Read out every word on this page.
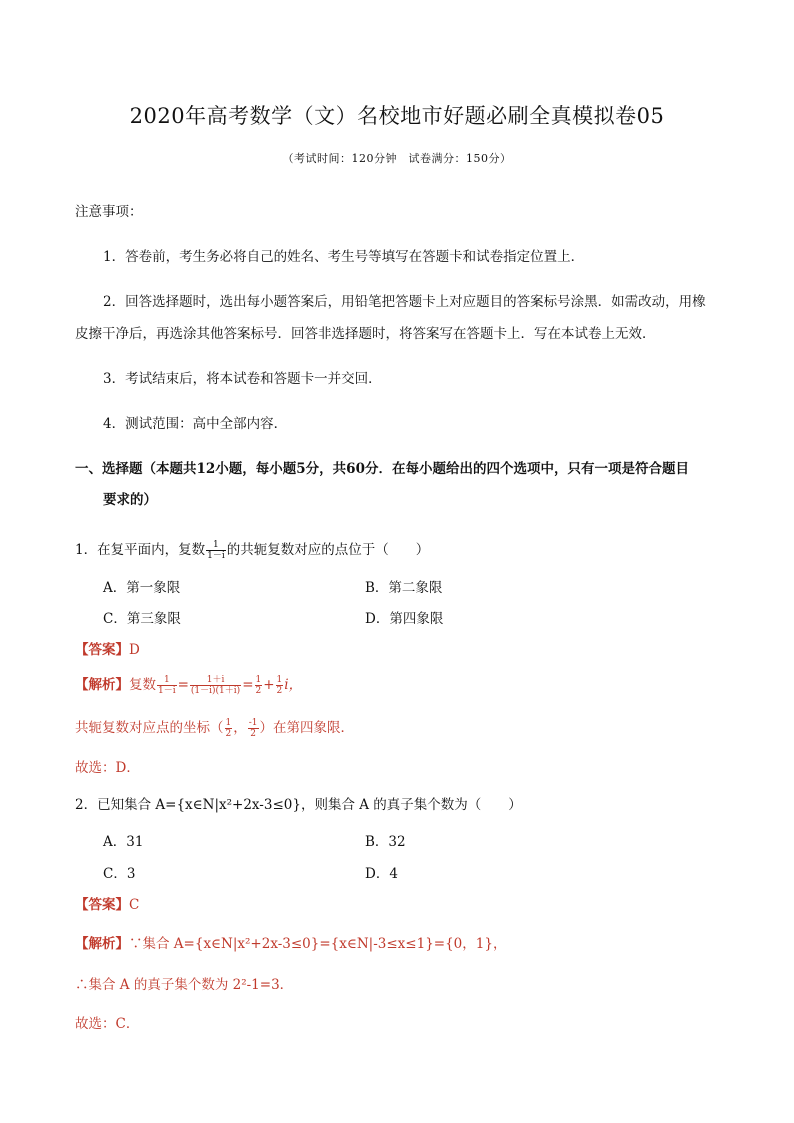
2020年高考数学（文）名校地市好题必刷全真模拟卷05
（考试时间：120分钟　试卷满分：150分）
注意事项：
1．答卷前，考生务必将自己的姓名、考生号等填写在答题卡和试卷指定位置上．
2．回答选择题时，选出每小题答案后，用铅笔把答题卡上对应题目的答案标号涂黑．如需改动，用橡
皮擦干净后，再选涂其他答案标号．回答非选择题时，将答案写在答题卡上．写在本试卷上无效．
3．考试结束后，将本试卷和答题卡一并交回．
4．测试范围：高中全部内容．
一、选择题（本题共12小题，每小题5分，共60分．在每小题给出的四个选项中，只有一项是符合题目
要求的）
1．在复平面内，复数 $\frac{1}{1-i}$ 的共轭复数对应的点位于（　　）
A．第一象限	B．第二象限
C．第三象限	D．第四象限
【答案】D
【解析】复数 $\frac{1}{1-i} = \frac{1+i}{(1-i)(1+i)} = \frac{1}{2} + \frac{1}{2}$ i，
共轭复数对应点的坐标（ $\frac{1}{2}$ ， $\frac{-1}{2}$ ）在第四象限．
故选：D．
2．已知集合 A={x∈N|x²+2x-3≤0}，则集合 A 的真子集个数为（　　）
A．31	B．32
C．3	D．4
【答案】C
【解析】∵集合 A={x∈N|x²+2x-3≤0}={x∈N|-3≤x≤1}={0，1}，
∴集合 A 的真子集个数为 2²-1=3．
故选：C．
